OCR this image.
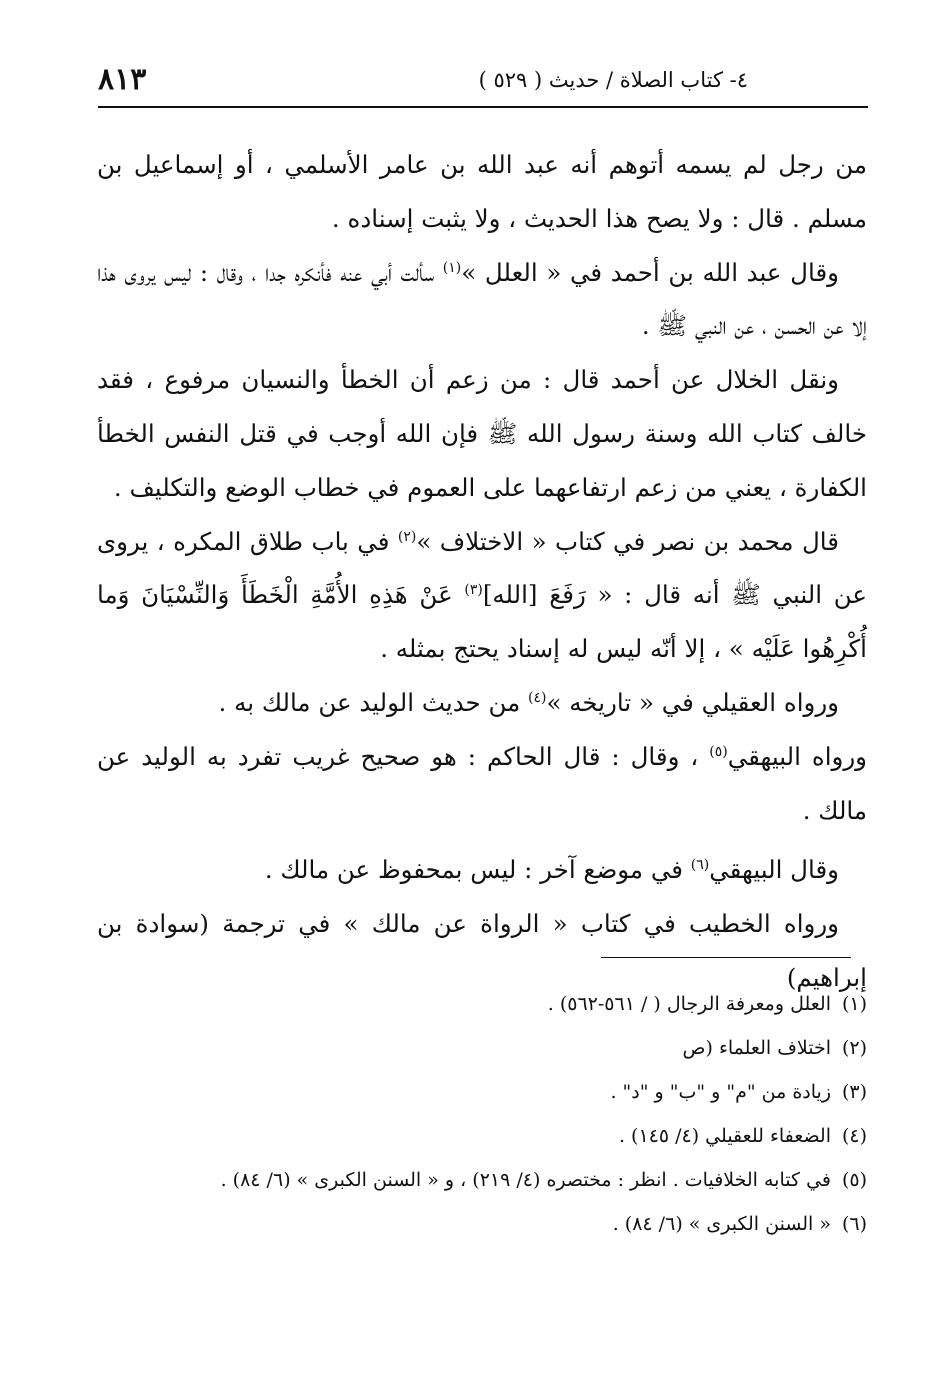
٤- كتاب الصلاة / حديث ( ٥٢٩ )
٨١٣

من رجل لم يسمه أتوهم أنه عبد الله بن عامر الأسلمي ، أو إسماعيل بن مسلم . قال : ولا يصح هذا الحديث ، ولا يثبت إسناده .

وقال عبد الله بن أحمد في « العلل »$^{(١)}$ سألت أبي عنه فأنكره جدا ، وقال : ليس يروى هذا إلا عن الحسن ، عن النبي ﷺ .

ونقل الخلال عن أحمد قال : من زعم أن الخطأ والنسيان مرفوع ، فقد خالف كتاب الله وسنة رسول الله ﷺ فإن الله أوجب في قتل النفس الخطأ الكفارة ، يعني من زعم ارتفاعهما على العموم في خطاب الوضع والتكليف .

قال محمد بن نصر في كتاب « الاختلاف »$^{(٢)}$ في باب طلاق المكره ، يروى عن النبي ﷺ أنه قال : « رَفَعَ [الله]$^{(٣)}$ عَنْ هَذِهِ الأُمَّةِ الْخَطَأَ وَالنِّسْيَانَ وَما أُكْرِهُوا عَلَيْه » ، إلا أنّه ليس له إسناد يحتج بمثله .

ورواه العقيلي في « تاريخه »$^{(٤)}$ من حديث الوليد عن مالك به .

ورواه البيهقي$^{(٥)}$ ، وقال : قال الحاكم : هو صحيح غريب تفرد به الوليد عن مالك .

وقال البيهقي$^{(٦)}$ في موضع آخر : ليس بمحفوظ عن مالك .

ورواه الخطيب في كتاب « الرواة عن مالك » في ترجمة (سوادة بن إبراهيم)

(١)
العلل ومعرفة الرجال ( / ٥٦١-٥٦٢) .
(٢)
اختلاف العلماء (ص
(٣)
زيادة من "م" و "ب" و "د" .
(٤)
الضعفاء للعقيلي (٤/ ١٤٥) .
(٥)
في كتابه الخلافيات . انظر : مختصره (٤/ ٢١٩) ، و « السنن الكبرى » (٦/ ٨٤) .
(٦)
« السنن الكبرى » (٦/ ٨٤) .
